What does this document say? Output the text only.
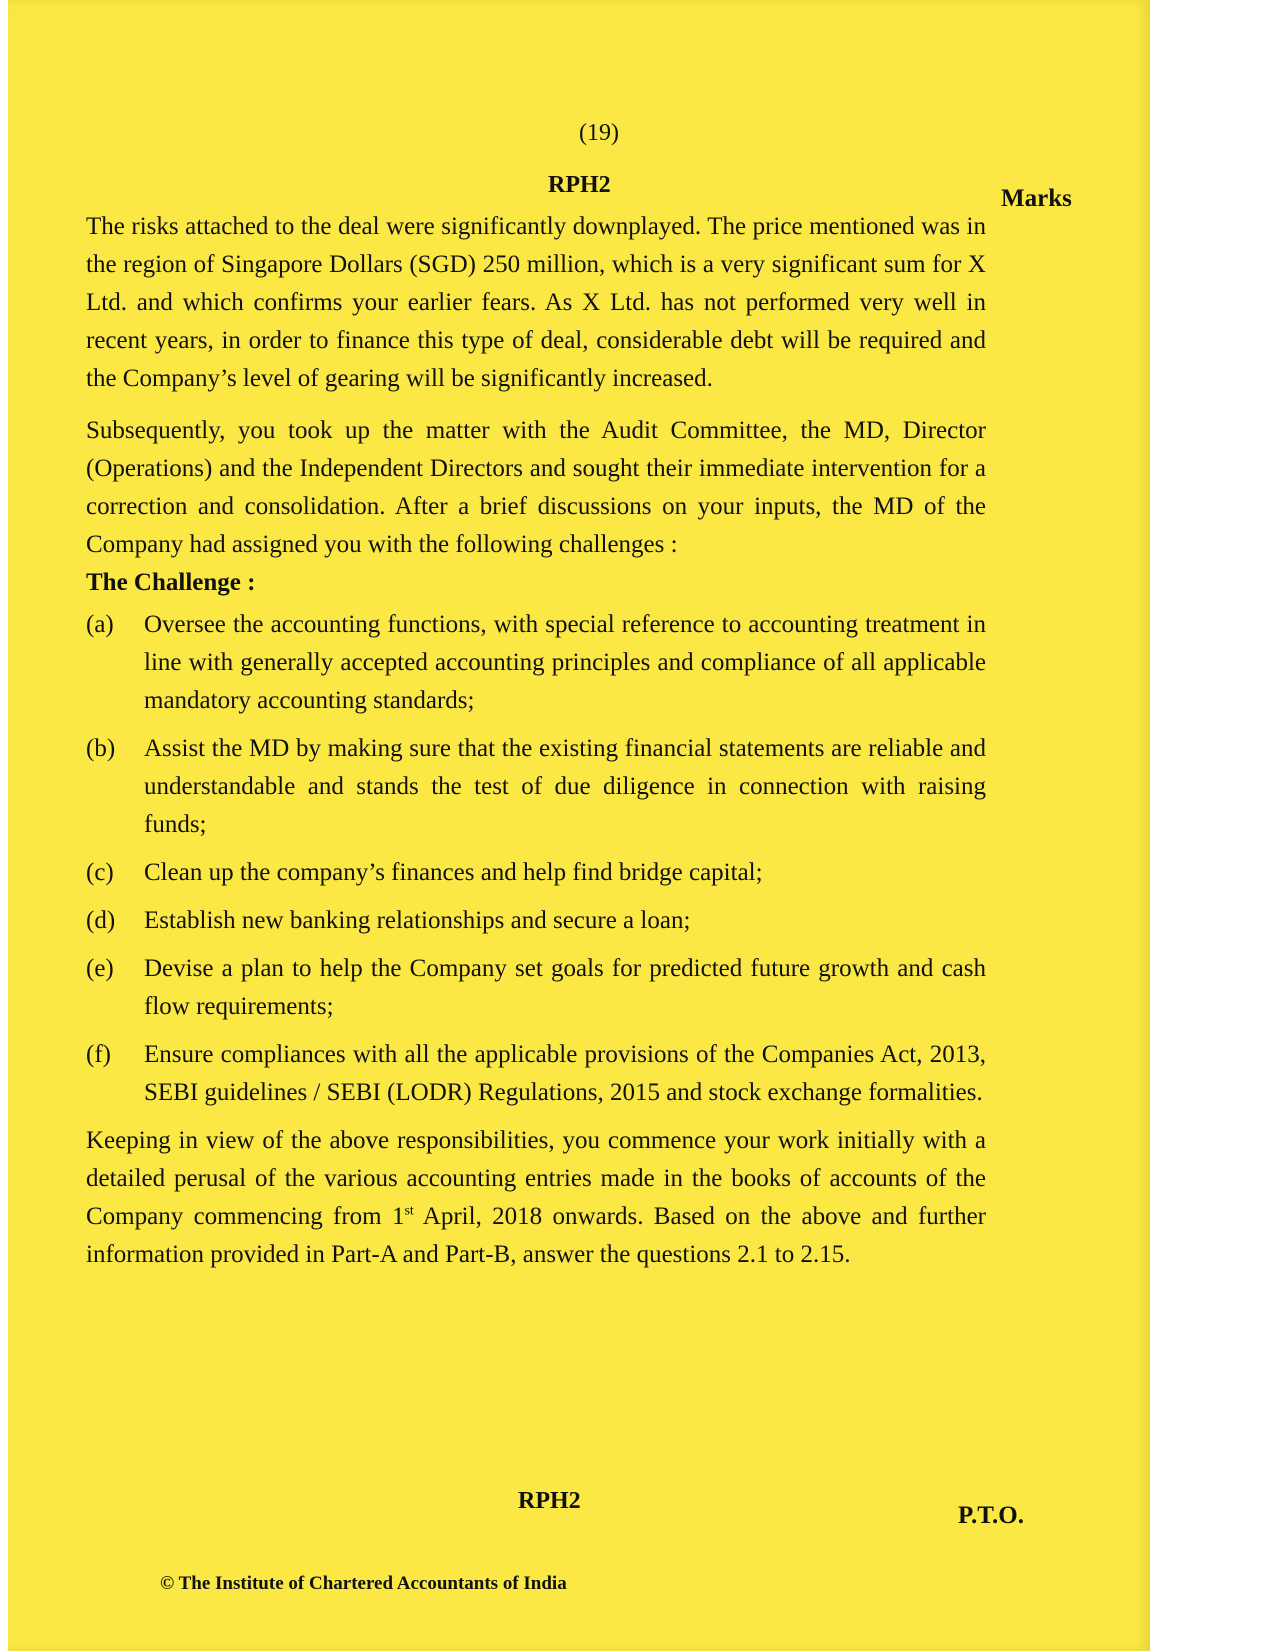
(19)
RPH2	Marks

The risks attached to the deal were significantly downplayed. The price mentioned was in the region of Singapore Dollars (SGD) 250 million, which is a very significant sum for X Ltd. and which confirms your earlier fears. As X Ltd. has not performed very well in recent years, in order to finance this type of deal, considerable debt will be required and the Company’s level of gearing will be significantly increased.

Subsequently, you took up the matter with the Audit Committee, the MD, Director (Operations) and the Independent Directors and sought their immediate intervention for a correction and consolidation. After a brief discussions on your inputs, the MD of the Company had assigned you with the following challenges :

The Challenge :

(a)	Oversee the accounting functions, with special reference to accounting treatment in line with generally accepted accounting principles and compliance of all applicable mandatory accounting standards;
(b)	Assist the MD by making sure that the existing financial statements are reliable and understandable and stands the test of due diligence in connection with raising funds;
(c)	Clean up the company’s finances and help find bridge capital;
(d)	Establish new banking relationships and secure a loan;
(e)	Devise a plan to help the Company set goals for predicted future growth and cash flow requirements;
(f)	Ensure compliances with all the applicable provisions of the Companies Act, 2013, SEBI guidelines / SEBI (LODR) Regulations, 2015 and stock exchange formalities.

Keeping in view of the above responsibilities, you commence your work initially with a detailed perusal of the various accounting entries made in the books of accounts of the Company commencing from 1st April, 2018 onwards. Based on the above and further information provided in Part-A and Part-B, answer the questions 2.1 to 2.15.

RPH2
P.T.O.
© The Institute of Chartered Accountants of India
